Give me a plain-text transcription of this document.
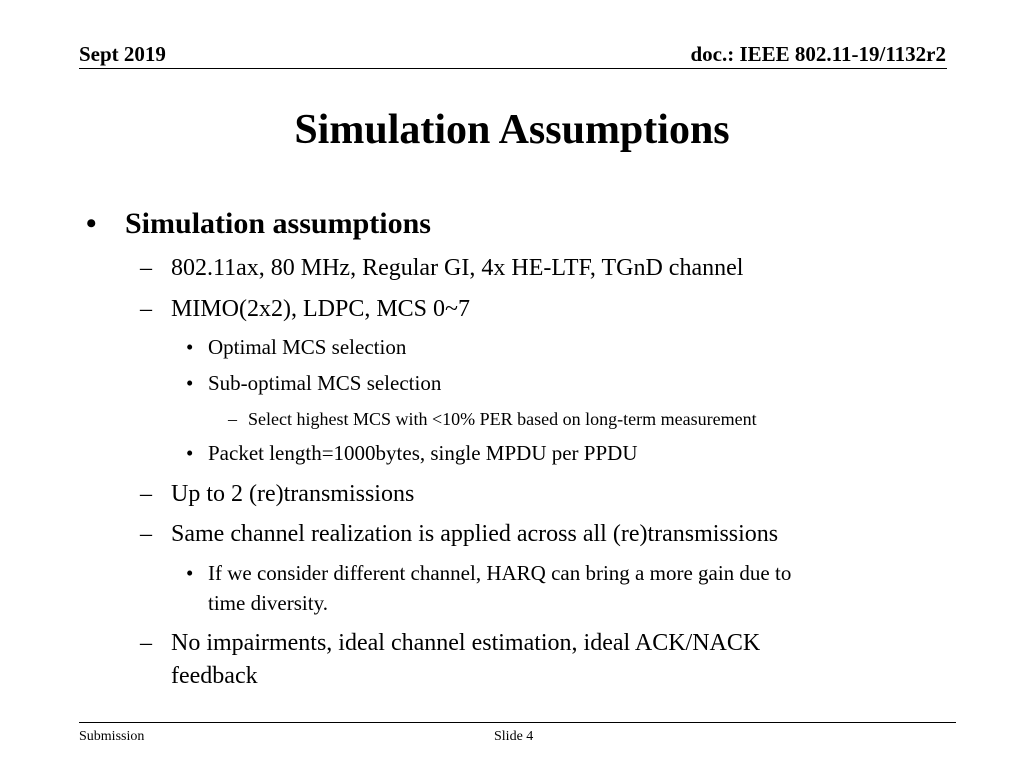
Sept 2019	doc.: IEEE 802.11-19/1132r2
Simulation Assumptions
• Simulation assumptions
– 802.11ax, 80 MHz, Regular GI, 4x HE-LTF, TGnD channel
– MIMO(2x2), LDPC, MCS 0~7
• Optimal MCS selection
• Sub-optimal MCS selection
– Select highest MCS with <10% PER based on long-term measurement
• Packet length=1000bytes, single MPDU per PPDU
– Up to 2 (re)transmissions
– Same channel realization is applied across all (re)transmissions
• If we consider different channel, HARQ can bring a more gain due to
time diversity.
– No impairments, ideal channel estimation, ideal ACK/NACK
feedback
Submission	Slide 4
